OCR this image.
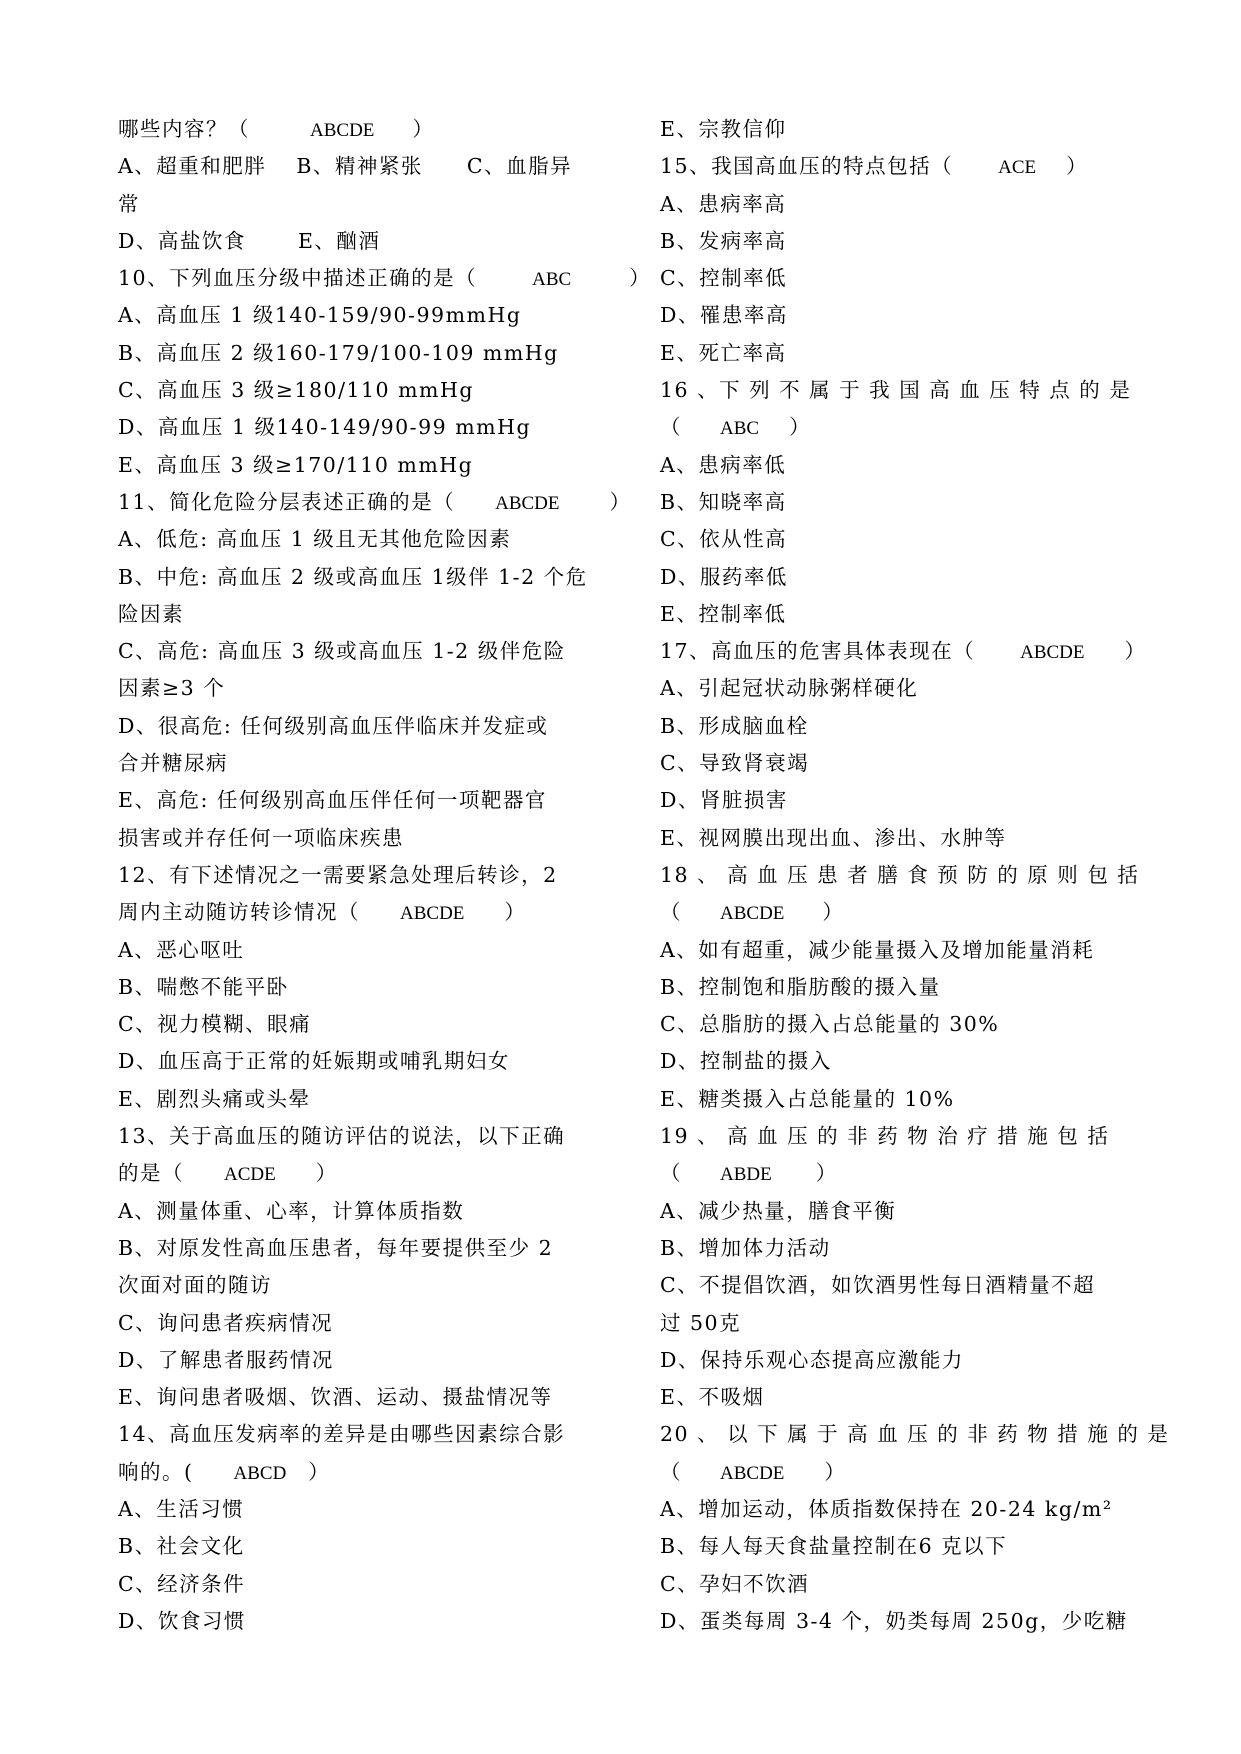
哪些内容？（	ABCDE ）
A、超重和肥胖　 B、精神紧张　　C、血脂异
常
D、高盐饮食　　 E、酗酒
10、下列血压分级中描述正确的是（	ABC	）
A、高血压 1 级140-159/90-99mmHg
B、高血压 2 级160-179/100-109 mmHg
C、高血压 3 级≥180/110 mmHg
D、高血压 1 级140-149/90-99 mmHg
E、高血压 3 级≥170/110 mmHg
11、简化危险分层表述正确的是（ ABCDE ）
A、低危: 高血压 1 级且无其他危险因素
B、中危: 高血压 2 级或高血压 1级伴 1-2 个危
险因素
C、高危: 高血压 3 级或高血压 1-2 级伴危险
因素≥3 个
D、很高危: 任何级别高血压伴临床并发症或
合并糖尿病
E、高危: 任何级别高血压伴任何一项靶器官
损害或并存任何一项临床疾患
12、有下述情况之一需要紧急处理后转诊，2
周内主动随访转诊情况（ ABCDE ）
A、恶心呕吐
B、喘憋不能平卧
C、视力模糊、眼痛
D、血压高于正常的妊娠期或哺乳期妇女
E、剧烈头痛或头晕
13、关于高血压的随访评估的说法，以下正确
的是（ ACDE ）
A、测量体重、心率，计算体质指数
B、对原发性高血压患者，每年要提供至少 2
次面对面的随访
C、询问患者疾病情况
D、了解患者服药情况
E、询问患者吸烟、饮酒、运动、摄盐情况等
14、高血压发病率的差异是由哪些因素综合影
响的。( ABCD ）
A、生活习惯
B、社会文化
C、经济条件
D、饮食习惯
E、宗教信仰
15、我国高血压的特点包括（ ACE ）
A、患病率高
B、发病率高
C、控制率低
D、罹患率高
E、死亡率高
16 、下 列 不 属 于 我 国 高 血 压 特 点 的 是
（ ABC ）
A、患病率低
B、知晓率高
C、依从性高
D、服药率低
E、控制率低
17、高血压的危害具体表现在（ ABCDE ）
A、引起冠状动脉粥样硬化
B、形成脑血栓
C、导致肾衰竭
D、肾脏损害
E、视网膜出现出血、渗出、水肿等
18 、 高 血 压 患 者 膳 食 预 防 的 原 则 包 括
（ ABCDE ）
A、如有超重，减少能量摄入及增加能量消耗
B、控制饱和脂肪酸的摄入量
C、总脂肪的摄入占总能量的 30%
D、控制盐的摄入
E、糖类摄入占总能量的 10%
19 、 高 血 压 的 非 药 物 治 疗 措 施 包 括
（ ABDE ）
A、减少热量，膳食平衡
B、增加体力活动
C、不提倡饮酒，如饮酒男性每日酒精量不超
过 50克
D、保持乐观心态提高应激能力
E、不吸烟
20 、 以 下 属 于 高 血 压 的 非 药 物 措 施 的 是
（ ABCDE ）
A、增加运动，体质指数保持在 20-24 kg/m²
B、每人每天食盐量控制在6 克以下
C、孕妇不饮酒
D、蛋类每周 3-4 个，奶类每周 250g，少吃糖
